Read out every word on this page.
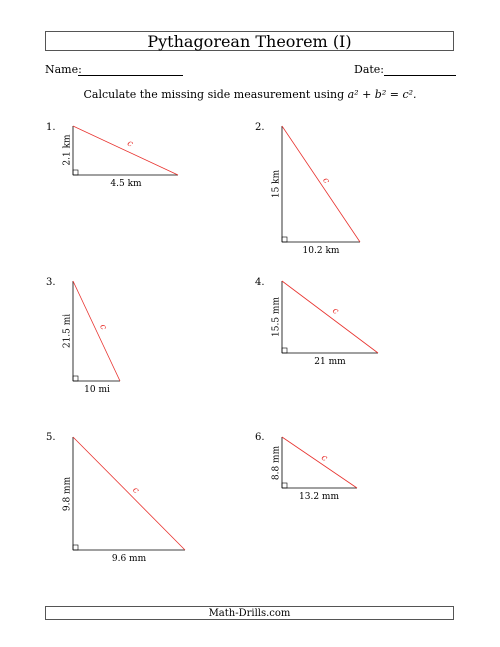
Pythagorean Theorem (I)
Name:	Date:
Calculate the missing side measurement using a² + b² = c².
1.	2.
3.	4.
5.	6.
2.1 km
4.5 km
c
15 km
10.2 km
c
21.5 mi
10 mi
c	15.5 mm
21 mm
c
9.8 mm
9.6 mm
c
8.8 mm
13.2 mm
c
Math-Drills.com
